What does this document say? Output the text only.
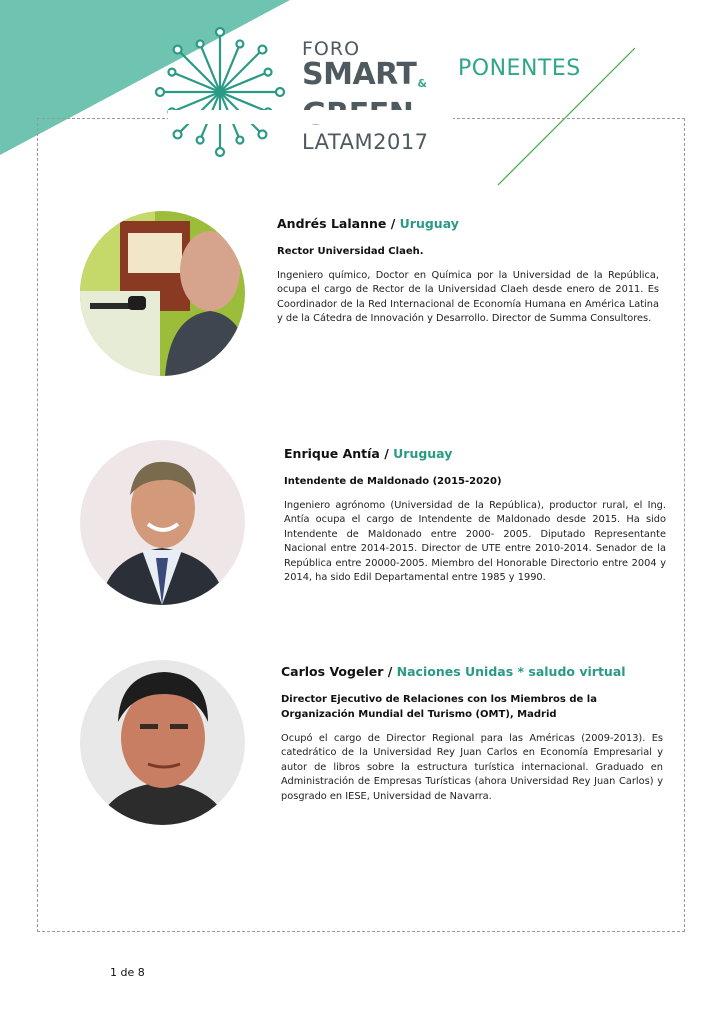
FORO
SMART &
LATAM2017
PONENTES
Andrés Lalanne / Uruguay

Rector Universidad Claeh.

Ingeniero químico, Doctor en Química por la Universidad de la República, ocupa el cargo de Rector de la Universidad Claeh desde enero de 2011. Es Coordinador de la Red Internacional de Economía Humana en América Latina y de la Cátedra de Innovación y Desarrollo. Director de Summa Consultores.

Enrique Antía / Uruguay

Intendente de Maldonado (2015-2020)

Ingeniero agrónomo (Universidad de la República), productor rural, el Ing. Antía ocupa el cargo de Intendente de Maldonado desde 2015. Ha sido Intendente de Maldonado entre 2000- 2005. Diputado Representante Nacional entre 2014-2015. Director de UTE entre 2010-2014. Senador de la República entre 20000-2005. Miembro del Honorable Directorio entre 2004 y 2014, ha sido Edil Departamental entre 1985 y 1990.

Carlos Vogeler / Naciones Unidas * saludo virtual

Director Ejecutivo de Relaciones con los Miembros de la Organización Mundial del Turismo (OMT), Madrid

Ocupó el cargo de Director Regional para las Américas (2009-2013). Es catedrático de la Universidad Rey Juan Carlos en Economía Empresarial y autor de libros sobre la estructura turística internacional. Graduado en Administración de Empresas Turísticas (ahora Universidad Rey Juan Carlos) y posgrado en IESE, Universidad de Navarra.

1 de 8
